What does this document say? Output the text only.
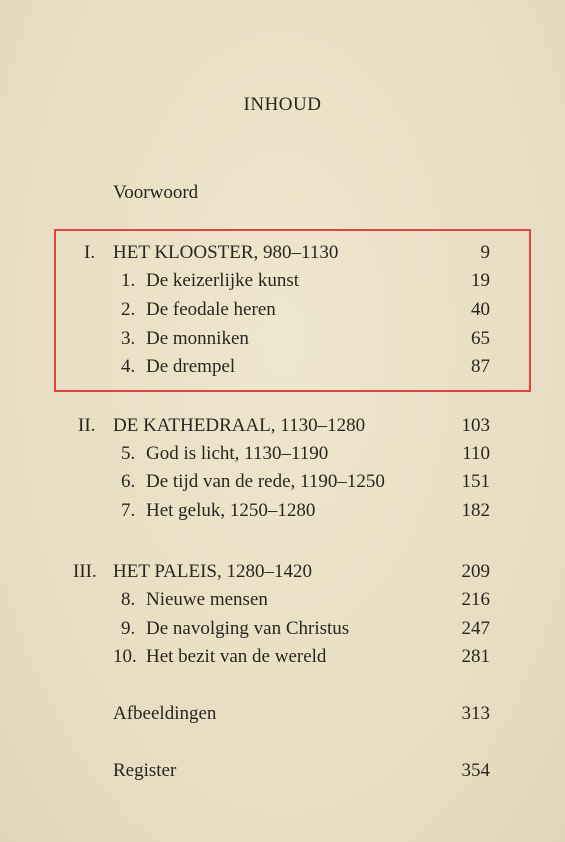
INHOUD
Voorwoord
I. HET KLOOSTER, 980–1130	9
1. De keizerlijke kunst	19
2. De feodale heren	40
3. De monniken	65
4. De drempel	87
II. DE KATHEDRAAL, 1130–1280	103
5. God is licht, 1130–1190	110
6. De tijd van de rede, 1190–1250	151
7. Het geluk, 1250–1280	182
III. HET PALEIS, 1280–1420	209
8. Nieuwe mensen	216
9. De navolging van Christus	247
10. Het bezit van de wereld	281
Afbeeldingen	313
Register	354
